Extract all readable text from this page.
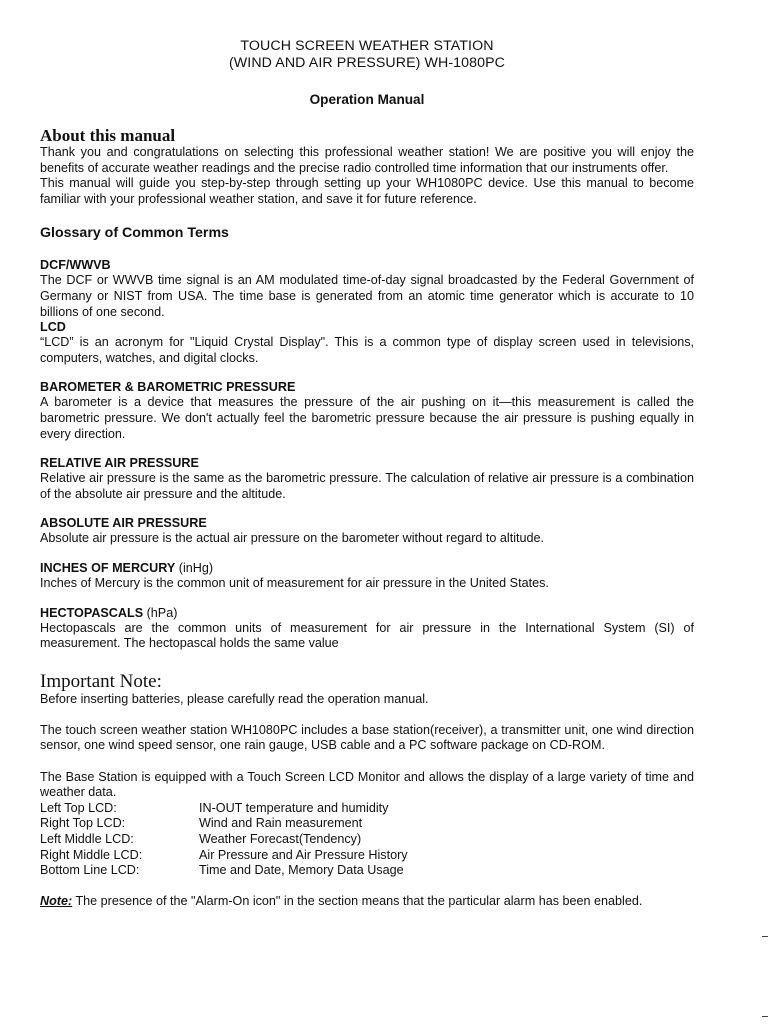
TOUCH SCREEN WEATHER STATION
(WIND AND AIR PRESSURE) WH-1080PC
Operation Manual
About this manual

Thank you and congratulations on selecting this professional weather station! We are positive you will enjoy the benefits of accurate weather readings and the precise radio controlled time information that our instruments offer.

This manual will guide you step-by-step through setting up your WH1080PC device. Use this manual to become familiar with your professional weather station, and save it for future reference.

Glossary of Common Terms
DCF/WWVB

The DCF or WWVB time signal is an AM modulated time-of-day signal broadcasted by the Federal Government of Germany or NIST from USA. The time base is generated from an atomic time generator which is accurate to 10 billions of one second.

LCD

“LCD” is an acronym for "Liquid Crystal Display". This is a common type of display screen used in televisions, computers, watches, and digital clocks.

BAROMETER & BAROMETRIC PRESSURE

A barometer is a device that measures the pressure of the air pushing on it—this measurement is called the barometric pressure. We don't actually feel the barometric pressure because the air pressure is pushing equally in every direction.

RELATIVE AIR PRESSURE

Relative air pressure is the same as the barometric pressure. The calculation of relative air pressure is a combination of the absolute air pressure and the altitude.

ABSOLUTE AIR PRESSURE

Absolute air pressure is the actual air pressure on the barometer without regard to altitude.

INCHES OF MERCURY (inHg)

Inches of Mercury is the common unit of measurement for air pressure in the United States.

HECTOPASCALS (hPa)

Hectopascals are the common units of measurement for air pressure in the International System (SI) of measurement. The hectopascal holds the same value

Important Note:

Before inserting batteries, please carefully read the operation manual.

The touch screen weather station WH1080PC includes a base station(receiver), a transmitter unit, one wind direction sensor, one wind speed sensor, one rain gauge, USB cable and a PC software package on CD-ROM.

The Base Station is equipped with a Touch Screen LCD Monitor and allows the display of a large variety of time and weather data.

Left Top LCD:	IN-OUT temperature and humidity
Right Top LCD:	Wind and Rain measurement
Left Middle LCD:	Weather Forecast(Tendency)
Right Middle LCD:	Air Pressure and Air Pressure History
Bottom Line LCD:	Time and Date, Memory Data Usage

Note: The presence of the "Alarm-On icon" in the section means that the particular alarm has been enabled.
